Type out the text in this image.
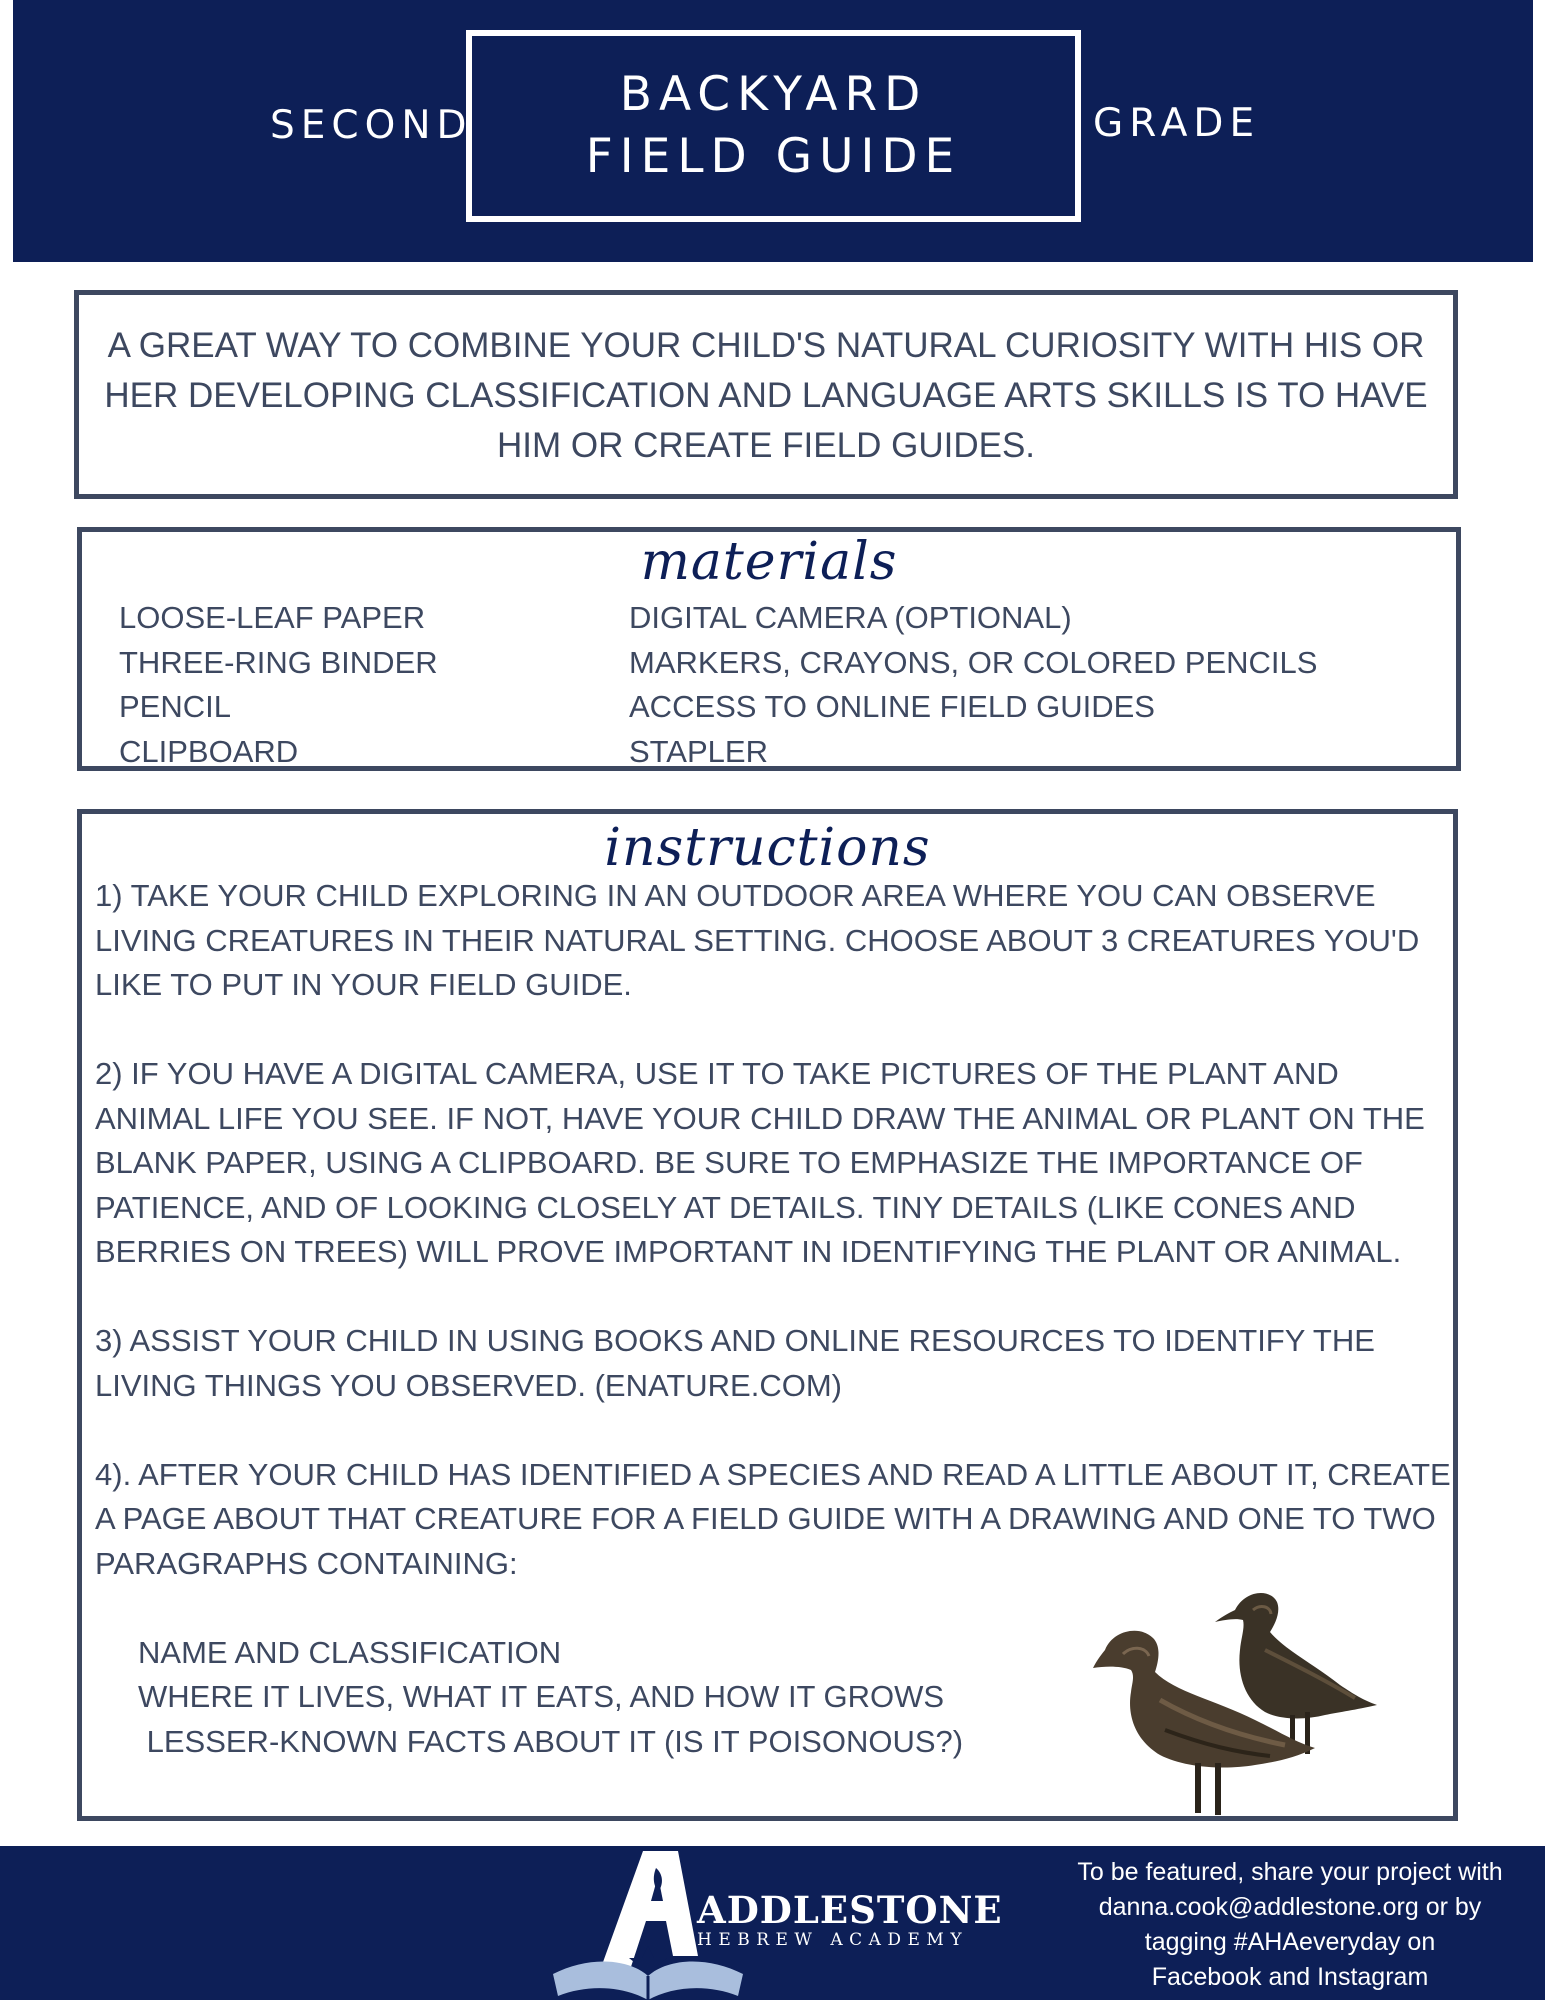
SECOND
BACKYARD
FIELD GUIDE
GRADE

A GREAT WAY TO COMBINE YOUR CHILD'S NATURAL CURIOSITY WITH HIS OR HER DEVELOPING CLASSIFICATION AND LANGUAGE ARTS SKILLS IS TO HAVE HIM OR CREATE FIELD GUIDES.

materials
LOOSE-LEAF PAPER
THREE-RING BINDER
PENCIL
CLIPBOARD
DIGITAL CAMERA (OPTIONAL)
MARKERS, CRAYONS, OR COLORED PENCILS
ACCESS TO ONLINE FIELD GUIDES
STAPLER
instructions

1) TAKE YOUR CHILD EXPLORING IN AN OUTDOOR AREA WHERE YOU CAN OBSERVE LIVING CREATURES IN THEIR NATURAL SETTING. CHOOSE ABOUT 3 CREATURES YOU'D LIKE TO PUT IN YOUR FIELD GUIDE.

2) IF YOU HAVE A DIGITAL CAMERA, USE IT TO TAKE PICTURES OF THE PLANT AND ANIMAL LIFE YOU SEE. IF NOT, HAVE YOUR CHILD DRAW THE ANIMAL OR PLANT ON THE BLANK PAPER, USING A CLIPBOARD. BE SURE TO EMPHASIZE THE IMPORTANCE OF PATIENCE, AND OF LOOKING CLOSELY AT DETAILS. TINY DETAILS (LIKE CONES AND BERRIES ON TREES) WILL PROVE IMPORTANT IN IDENTIFYING THE PLANT OR ANIMAL.

3) ASSIST YOUR CHILD IN USING BOOKS AND ONLINE RESOURCES TO IDENTIFY THE LIVING THINGS YOU OBSERVED. (ENATURE.COM)

4). AFTER YOUR CHILD HAS IDENTIFIED A SPECIES AND READ A LITTLE ABOUT IT, CREATE A PAGE ABOUT THAT CREATURE FOR A FIELD GUIDE WITH A DRAWING AND ONE TO TWO PARAGRAPHS CONTAINING:

NAME AND CLASSIFICATION
WHERE IT LIVES, WHAT IT EATS, AND HOW IT GROWS
LESSER-KNOWN FACTS ABOUT IT (IS IT POISONOUS?)
ADDLESTONE
HEBREW ACADEMY
To be featured, share your project with
danna.cook@addlestone.org or by
tagging #AHAeveryday on
Facebook and Instagram
